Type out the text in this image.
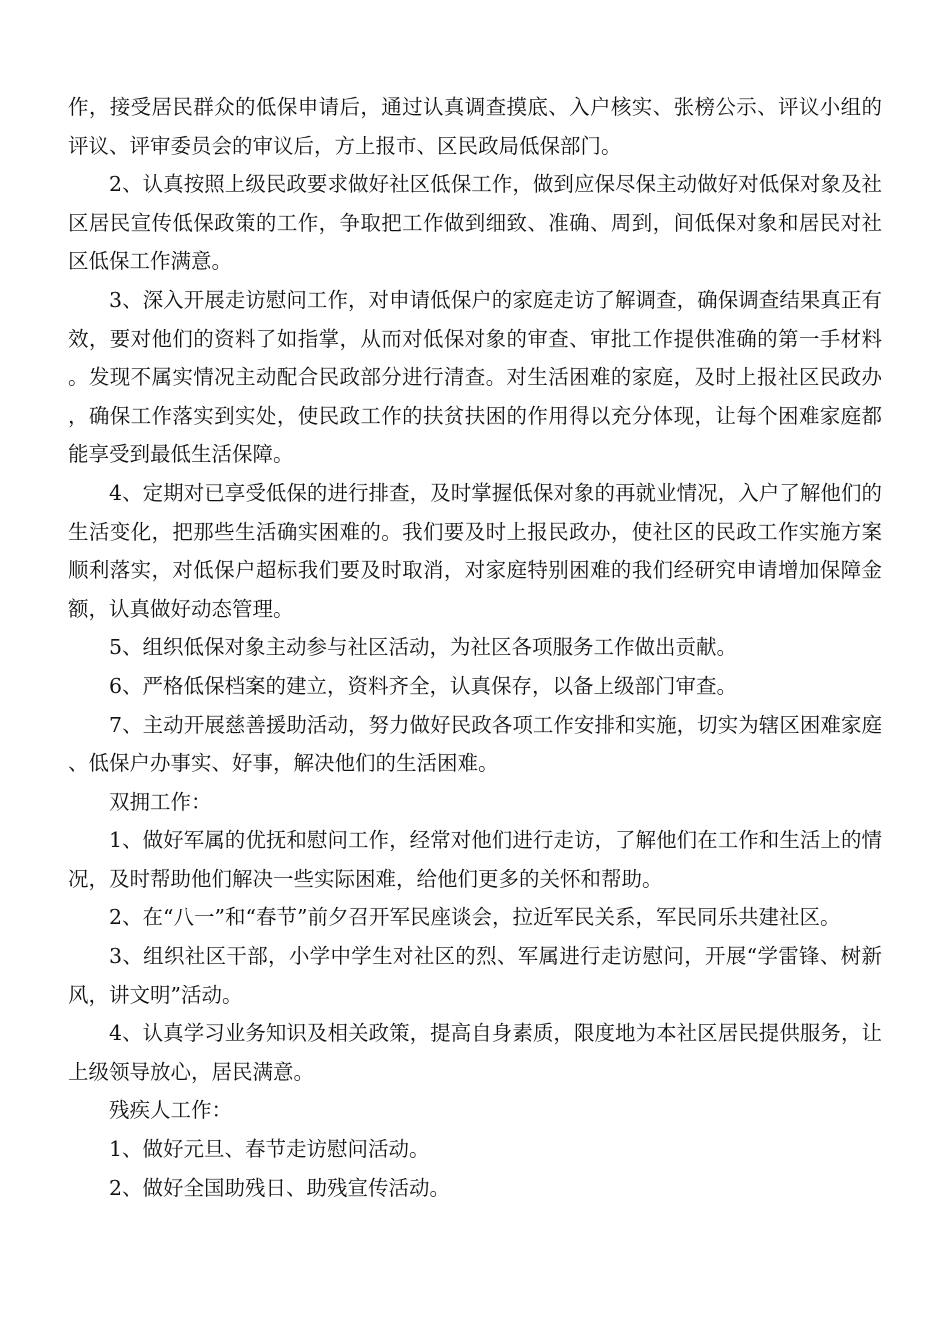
作，接受居民群众的低保申请后，通过认真调查摸底、入户核实、张榜公示、评议小组的评议、评审委员会的审议后，方上报市、区民政局低保部门。

2、认真按照上级民政要求做好社区低保工作，做到应保尽保主动做好对低保对象及社区居民宣传低保政策的工作，争取把工作做到细致、准确、周到，间低保对象和居民对社区低保工作满意。

3、深入开展走访慰问工作，对申请低保户的家庭走访了解调查，确保调查结果真正有效，要对他们的资料了如指掌，从而对低保对象的审查、审批工作提供准确的第一手材料。发现不属实情况主动配合民政部分进行清查。对生活困难的家庭，及时上报社区民政办，确保工作落实到实处，使民政工作的扶贫扶困的作用得以充分体现，让每个困难家庭都能享受到最低生活保障。

4、定期对已享受低保的进行排查，及时掌握低保对象的再就业情况，入户了解他们的生活变化，把那些生活确实困难的。我们要及时上报民政办，使社区的民政工作实施方案顺利落实，对低保户超标我们要及时取消，对家庭特别困难的我们经研究申请增加保障金额，认真做好动态管理。

5、组织低保对象主动参与社区活动，为社区各项服务工作做出贡献。

6、严格低保档案的建立，资料齐全，认真保存，以备上级部门审查。

7、主动开展慈善援助活动，努力做好民政各项工作安排和实施，切实为辖区困难家庭、低保户办事实、好事，解决他们的生活困难。

双拥工作：

1、做好军属的优抚和慰问工作，经常对他们进行走访，了解他们在工作和生活上的情况，及时帮助他们解决一些实际困难，给他们更多的关怀和帮助。

2、在“八一”和“春节”前夕召开军民座谈会，拉近军民关系，军民同乐共建社区。

3、组织社区干部，小学中学生对社区的烈、军属进行走访慰问，开展“学雷锋、树新风，讲文明”活动。

4、认真学习业务知识及相关政策，提高自身素质，限度地为本社区居民提供服务，让上级领导放心，居民满意。

残疾人工作：

1、做好元旦、春节走访慰问活动。

2、做好全国助残日、助残宣传活动。
